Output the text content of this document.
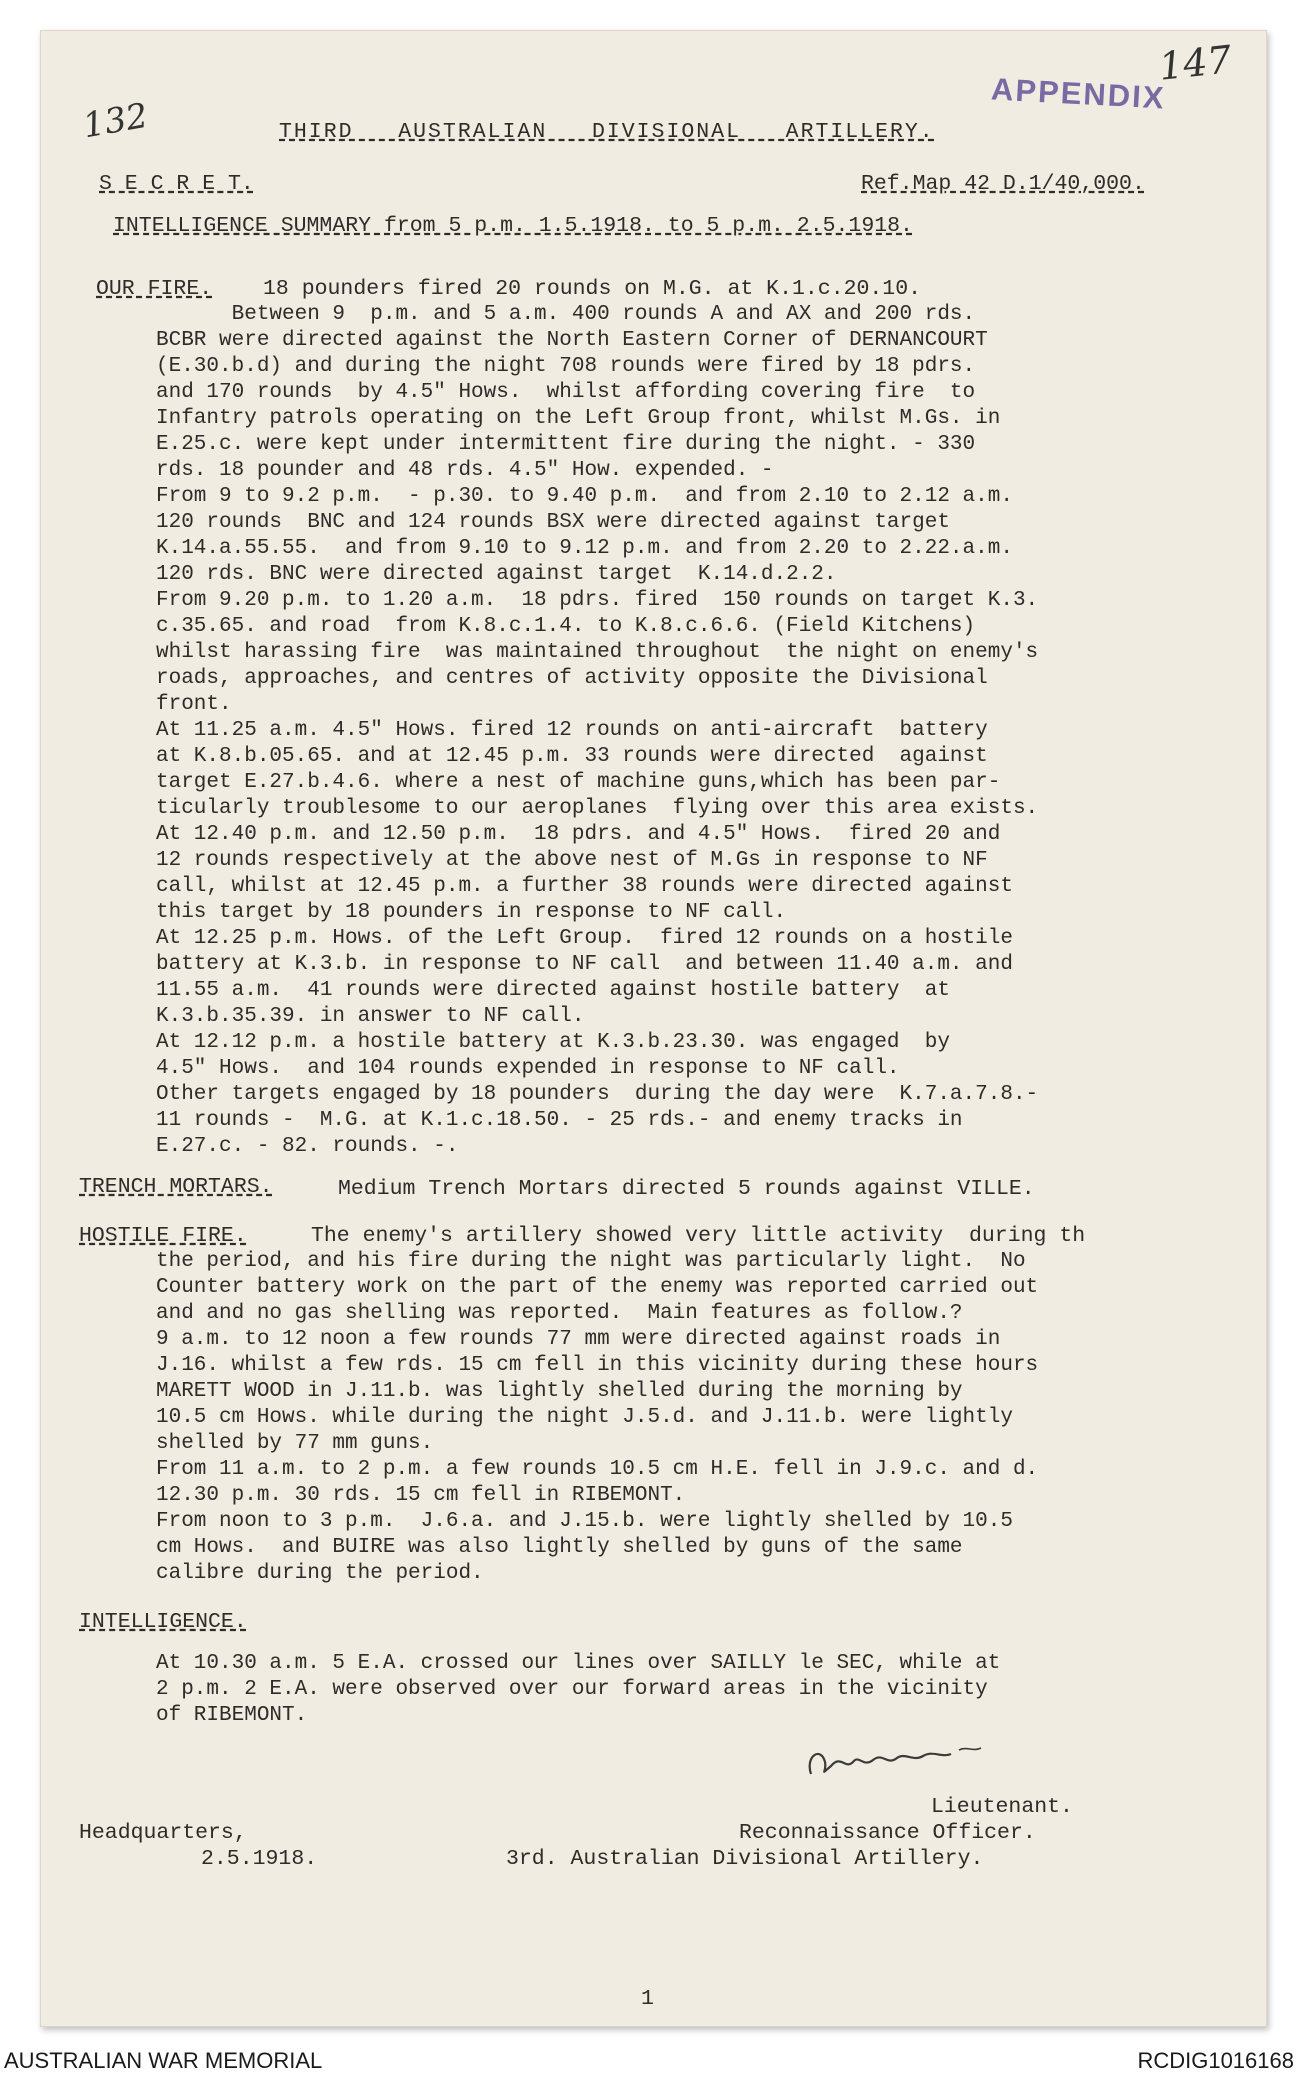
132
147
APPENDIX
THIRD   AUSTRALIAN   DIVISIONAL   ARTILLERY.
S E C R E T.	Ref.Map 42 D.1/40,000.
INTELLIGENCE SUMMARY from 5 p.m. 1.5.1918. to 5 p.m. 2.5.1918.
OUR FIRE. 18 pounders fired 20 rounds on M.G. at K.1.c.20.10.
Between 9  p.m. and 5 a.m. 400 rounds A and AX and 200 rds.
BCBR were directed against the North Eastern Corner of DERNANCOURT
(E.30.b.d) and during the night 708 rounds were fired by 18 pdrs.
and 170 rounds  by 4.5" Hows.  whilst affording covering fire  to
Infantry patrols operating on the Left Group front, whilst M.Gs. in
E.25.c. were kept under intermittent fire during the night. - 330
rds. 18 pounder and 48 rds. 4.5" How. expended. -
From 9 to 9.2 p.m.  - p.30. to 9.40 p.m.  and from 2.10 to 2.12 a.m.
120 rounds  BNC and 124 rounds BSX were directed against target
K.14.a.55.55.  and from 9.10 to 9.12 p.m. and from 2.20 to 2.22.a.m.
120 rds. BNC were directed against target  K.14.d.2.2.
From 9.20 p.m. to 1.20 a.m.  18 pdrs. fired  150 rounds on target K.3.
c.35.65. and road  from K.8.c.1.4. to K.8.c.6.6. (Field Kitchens)
whilst harassing fire  was maintained throughout  the night on enemy's
roads, approaches, and centres of activity opposite the Divisional
front.
At 11.25 a.m. 4.5" Hows. fired 12 rounds on anti-aircraft  battery
at K.8.b.05.65. and at 12.45 p.m. 33 rounds were directed  against
target E.27.b.4.6. where a nest of machine guns,which has been par-
ticularly troublesome to our aeroplanes  flying over this area exists.
At 12.40 p.m. and 12.50 p.m.  18 pdrs. and 4.5" Hows.  fired 20 and
12 rounds respectively at the above nest of M.Gs in response to NF
call, whilst at 12.45 p.m. a further 38 rounds were directed against
this target by 18 pounders in response to NF call.
At 12.25 p.m. Hows. of the Left Group.  fired 12 rounds on a hostile
battery at K.3.b. in response to NF call  and between 11.40 a.m. and
11.55 a.m.  41 rounds were directed against hostile battery  at
K.3.b.35.39. in answer to NF call.
At 12.12 p.m. a hostile battery at K.3.b.23.30. was engaged  by
4.5" Hows.  and 104 rounds expended in response to NF call.
Other targets engaged by 18 pounders  during the day were  K.7.a.7.8.-
11 rounds -  M.G. at K.1.c.18.50. - 25 rds.- and enemy tracks in
E.27.c. - 82. rounds. -.
TRENCH MORTARS.	Medium Trench Mortars directed 5 rounds against VILLE.
HOSTILE FIRE.	The enemy's artillery showed very little activity  during th
the period, and his fire during the night was particularly light.  No
Counter battery work on the part of the enemy was reported carried out
and and no gas shelling was reported.  Main features as follow.?
9 a.m. to 12 noon a few rounds 77 mm were directed against roads in
J.16. whilst a few rds. 15 cm fell in this vicinity during these hours
MARETT WOOD in J.11.b. was lightly shelled during the morning by
10.5 cm Hows. while during the night J.5.d. and J.11.b. were lightly
shelled by 77 mm guns.
From 11 a.m. to 2 p.m. a few rounds 10.5 cm H.E. fell in J.9.c. and d.
12.30 p.m. 30 rds. 15 cm fell in RIBEMONT.
From noon to 3 p.m.  J.6.a. and J.15.b. were lightly shelled by 10.5
cm Hows.  and BUIRE was also lightly shelled by guns of the same
calibre during the period.
INTELLIGENCE.
At 10.30 a.m. 5 E.A. crossed our lines over SAILLY le SEC, while at
2 p.m. 2 E.A. were observed over our forward areas in the vicinity
of RIBEMONT.
Lieutenant.
Reconnaissance Officer.
3rd. Australian Divisional Artillery.
Headquarters,
2.5.1918.
1
AUSTRALIAN WAR MEMORIAL	RCDIG1016168
